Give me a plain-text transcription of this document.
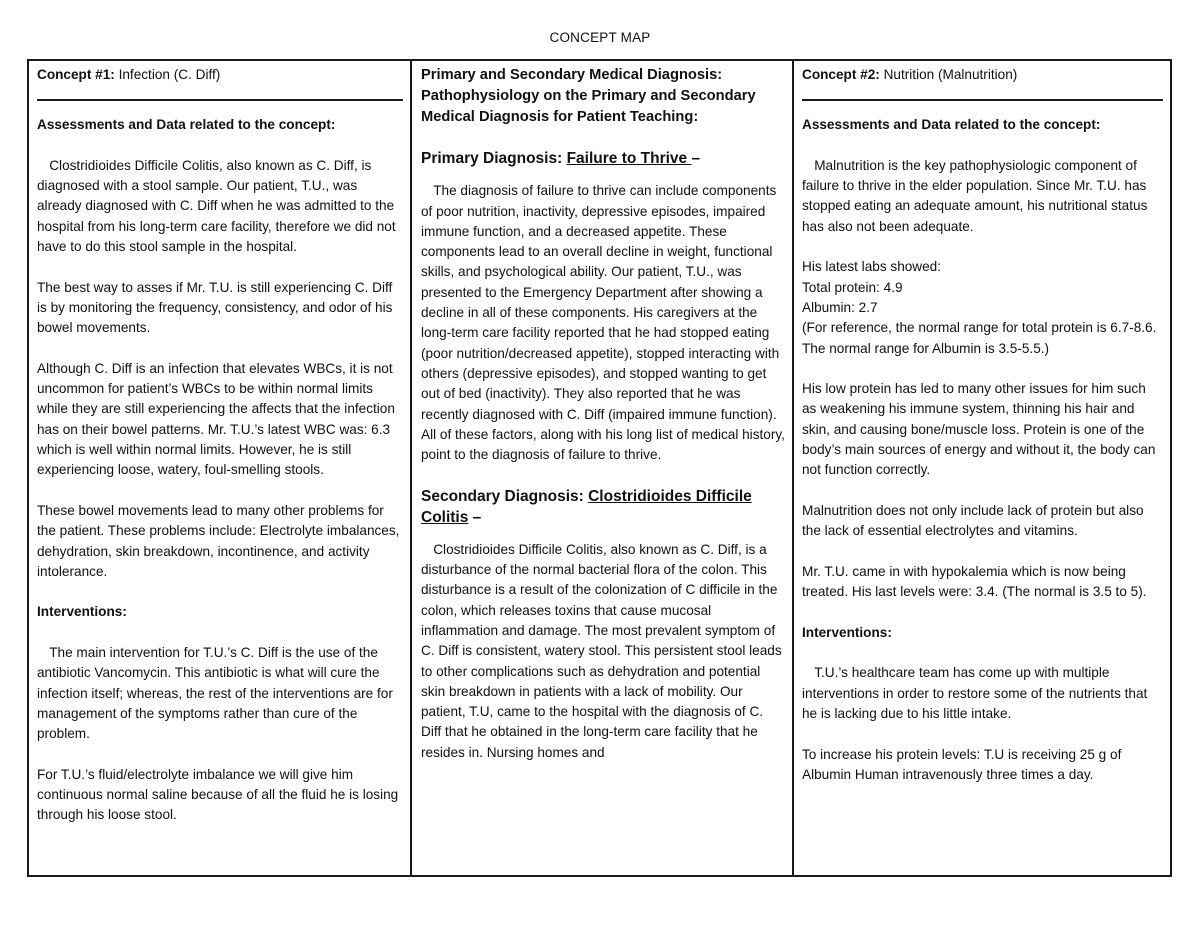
CONCEPT MAP

Concept #1: Infection (C. Diff)

Assessments and Data related to the concept:

Clostridioides Difficile Colitis, also known as C. Diff, is diagnosed with a stool sample. Our patient, T.U., was already diagnosed with C. Diff when he was admitted to the hospital from his long-term care facility, therefore we did not have to do this stool sample in the hospital.

The best way to asses if Mr. T.U. is still experiencing C. Diff is by monitoring the frequency, consistency, and odor of his bowel movements.

Although C. Diff is an infection that elevates WBCs, it is not uncommon for patient’s WBCs to be within normal limits while they are still experiencing the affects that the infection has on their bowel patterns. Mr. T.U.’s latest WBC was: 6.3 which is well within normal limits. However, he is still experiencing loose, watery, foul-smelling stools.

These bowel movements lead to many other problems for the patient. These problems include: Electrolyte imbalances, dehydration, skin breakdown, incontinence, and activity intolerance.

Interventions:

The main intervention for T.U.’s C. Diff is the use of the antibiotic Vancomycin. This antibiotic is what will cure the infection itself; whereas, the rest of the interventions are for management of the symptoms rather than cure of the problem.

For T.U.’s fluid/electrolyte imbalance we will give him continuous normal saline because of all the fluid he is losing through his loose stool.

Primary and Secondary Medical Diagnosis: Pathophysiology on the Primary and Secondary Medical Diagnosis for Patient Teaching:

Primary Diagnosis: Failure to Thrive –

The diagnosis of failure to thrive can include components of poor nutrition, inactivity, depressive episodes, impaired immune function, and a decreased appetite. These components lead to an overall decline in weight, functional skills, and psychological ability. Our patient, T.U., was presented to the Emergency Department after showing a decline in all of these components. His caregivers at the long-term care facility reported that he had stopped eating (poor nutrition/decreased appetite), stopped interacting with others (depressive episodes), and stopped wanting to get out of bed (inactivity). They also reported that he was recently diagnosed with C. Diff (impaired immune function). All of these factors, along with his long list of medical history, point to the diagnosis of failure to thrive.

Secondary Diagnosis: Clostridioides Difficile Colitis –

Clostridioides Difficile Colitis, also known as C. Diff, is a disturbance of the normal bacterial flora of the colon. This disturbance is a result of the colonization of C difficile in the colon, which releases toxins that cause mucosal inflammation and damage. The most prevalent symptom of C. Diff is consistent, watery stool. This persistent stool leads to other complications such as dehydration and potential skin breakdown in patients with a lack of mobility. Our patient, T.U, came to the hospital with the diagnosis of C. Diff that he obtained in the long-term care facility that he resides in. Nursing homes and

Concept #2: Nutrition (Malnutrition)

Assessments and Data related to the concept:

Malnutrition is the key pathophysiologic component of failure to thrive in the elder population. Since Mr. T.U. has stopped eating an adequate amount, his nutritional status has also not been adequate.

His latest labs showed:

Total protein: 4.9

Albumin: 2.7

(For reference, the normal range for total protein is 6.7-8.6. The normal range for Albumin is 3.5-5.5.)

His low protein has led to many other issues for him such as weakening his immune system, thinning his hair and skin, and causing bone/muscle loss. Protein is one of the body’s main sources of energy and without it, the body can not function correctly.

Malnutrition does not only include lack of protein but also the lack of essential electrolytes and vitamins.

Mr. T.U. came in with hypokalemia which is now being treated. His last levels were: 3.4. (The normal is 3.5 to 5).

Interventions:

T.U.’s healthcare team has come up with multiple interventions in order to restore some of the nutrients that he is lacking due to his little intake.

To increase his protein levels: T.U is receiving 25 g of Albumin Human intravenously three times a day.
